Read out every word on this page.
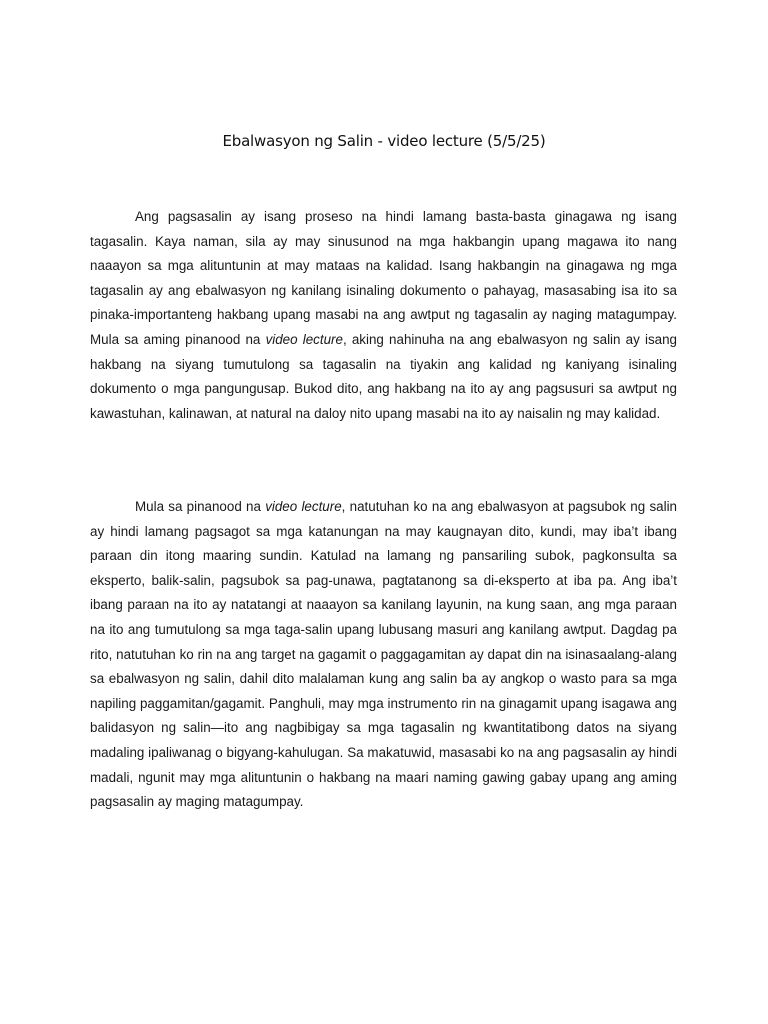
Ebalwasyon ng Salin - video lecture (5/5/25)

Ang pagsasalin ay isang proseso na hindi lamang basta-basta ginagawa ng isang tagasalin. Kaya naman, sila ay may sinusunod na mga hakbangin upang magawa ito nang naaayon sa mga alituntunin at may mataas na kalidad. Isang hakbangin na ginagawa ng mga tagasalin ay ang ebalwasyon ng kanilang isinaling dokumento o pahayag, masasabing isa ito sa pinaka-importanteng hakbang upang masabi na ang awtput ng tagasalin ay naging matagumpay. Mula sa aming pinanood na video lecture, aking nahinuha na ang ebalwasyon ng salin ay isang hakbang na siyang tumutulong sa tagasalin na tiyakin ang kalidad ng kaniyang isinaling dokumento o mga pangungusap. Bukod dito, ang hakbang na ito ay ang pagsusuri sa awtput ng kawastuhan, kalinawan, at natural na daloy nito upang masabi na ito ay naisalin ng may kalidad.

Mula sa pinanood na video lecture, natutuhan ko na ang ebalwasyon at pagsubok ng salin ay hindi lamang pagsagot sa mga katanungan na may kaugnayan dito, kundi, may iba’t ibang paraan din itong maaring sundin. Katulad na lamang ng pansariling subok, pagkonsulta sa eksperto, balik-salin, pagsubok sa pag-unawa, pagtatanong sa di-eksperto at iba pa. Ang iba’t ibang paraan na ito ay natatangi at naaayon sa kanilang layunin, na kung saan, ang mga paraan na ito ang tumutulong sa mga taga-salin upang lubusang masuri ang kanilang awtput. Dagdag pa rito, natutuhan ko rin na ang target na gagamit o paggagamitan ay dapat din na isinasaalang-alang sa ebalwasyon ng salin, dahil dito malalaman kung ang salin ba ay angkop o wasto para sa mga napiling paggamitan/gagamit. Panghuli, may mga instrumento rin na ginagamit upang isagawa ang balidasyon ng salin—ito ang nagbibigay sa mga tagasalin ng kwantitatibong datos na siyang madaling ipaliwanag o bigyang-kahulugan. Sa makatuwid, masasabi ko na ang pagsasalin ay hindi madali, ngunit may mga alituntunin o hakbang na maari naming gawing gabay upang ang aming pagsasalin ay maging matagumpay.
